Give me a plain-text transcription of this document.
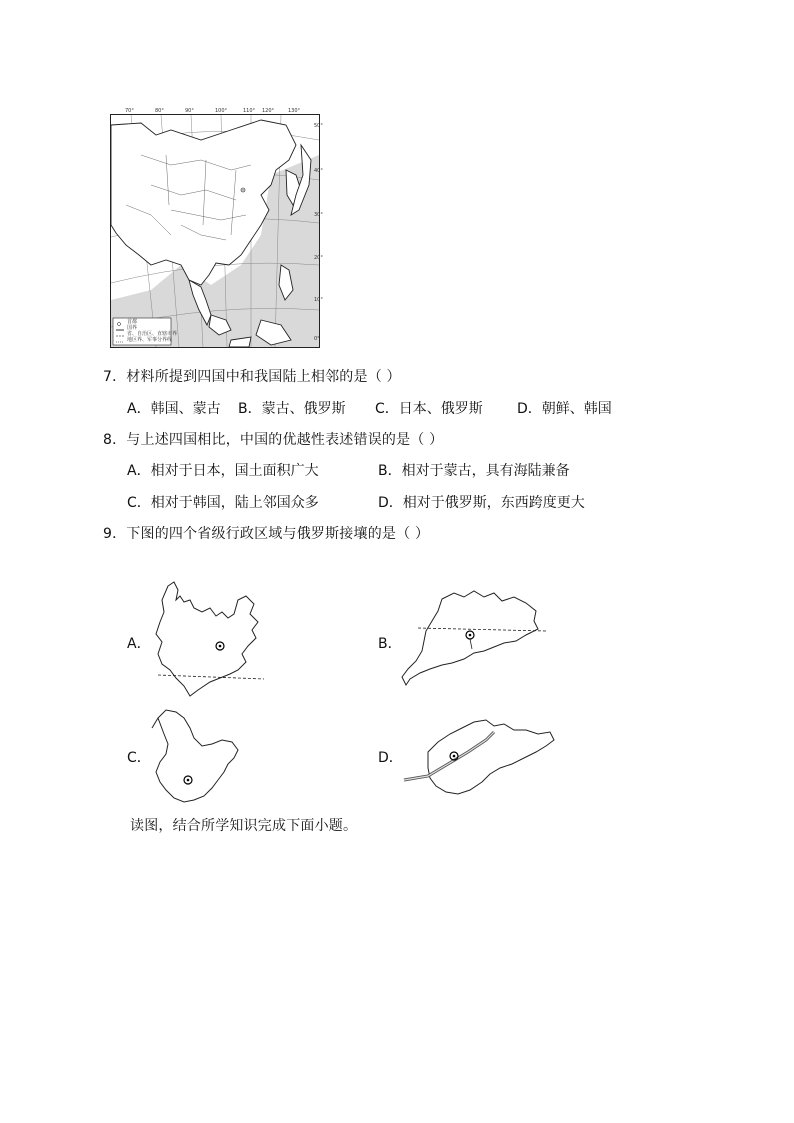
首都
国界
省、自治区、直辖市界
地区界、军事分界线
70°	80°	90°	100°	110° 120°	130°
50°
40°
30°
20°
10°
0°
7．材料所提到四国中和我国陆上相邻的是（ ）
A．韩国、蒙古 B．蒙古、俄罗斯 C．日本、俄罗斯 D．朝鲜、韩国
8．与上述四国相比，中国的优越性表述错误的是（ ）
A．相对于日本，国土面积广大	B．相对于蒙古，具有海陆兼备
C．相对于韩国，陆上邻国众多	D．相对于俄罗斯，东西跨度更大
9．下图的四个省级行政区域与俄罗斯接壤的是（ ）
A．	B．
C．	D．
读图，结合所学知识完成下面小题。
